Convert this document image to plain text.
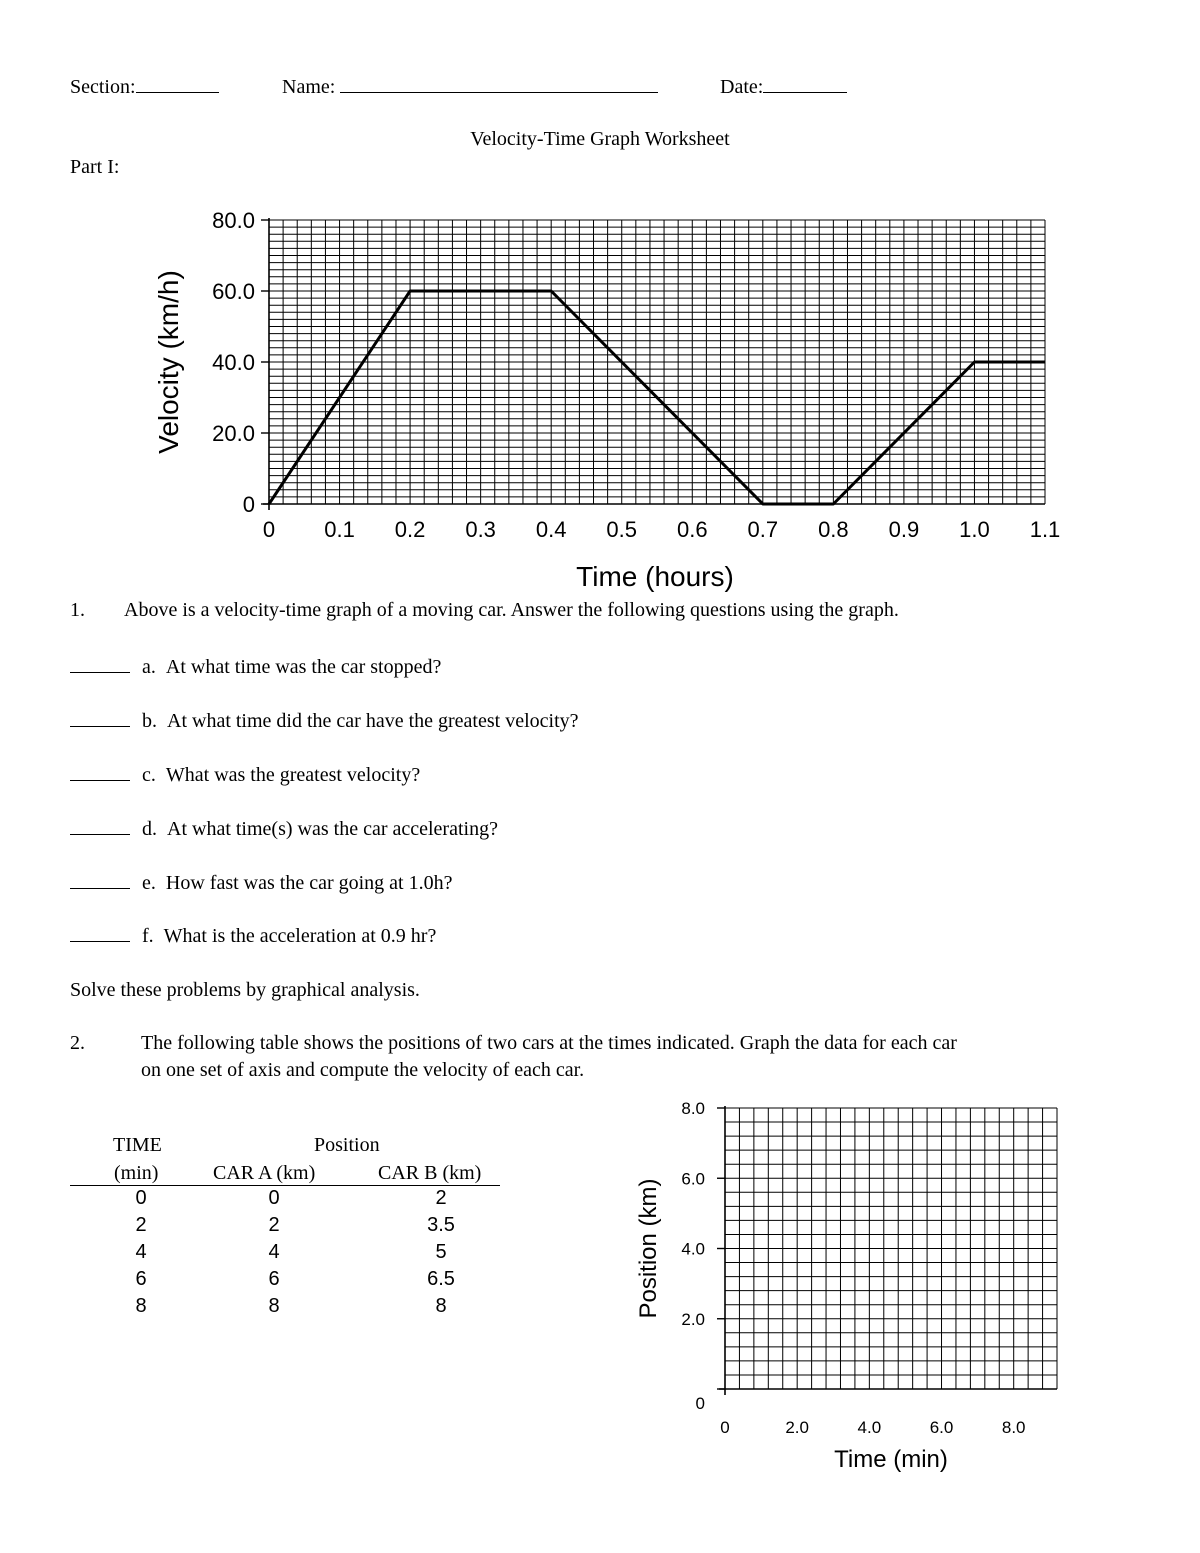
Section:	Name:	Date:
Velocity-Time Graph Worksheet
Part I:
0
20.0
40.0
60.0
80.0
0 0.1 0.2 0.3 0.4 0.5 0.6 0.7 0.8 0.9 1.0 1.1
Time (hours)
Velocity (km/h)
0
2.0
4.0
6.0
8.0
0	2.0	4.0	6.0	8.0
Time (min)
Position (km)
1. Above is a velocity-time graph of a moving car. Answer the following questions using the graph.
a. At what time was the car stopped?
b. At what time did the car have the greatest velocity?
c. What was the greatest velocity?
d. At what time(s) was the car accelerating?
e. How fast was the car going at 1.0h?
f. What is the acceleration at 0.9 hr?
Solve these problems by graphical analysis.
2.	The following table shows the positions of two cars at the times indicated. Graph the data for each car
on one set of axis and compute the velocity of each car.
TIME	Position
(min)	CAR A (km)	CAR B (km)
0	0	2
2	2	3.5
4	4	5
6	6	6.5
8	8	8
